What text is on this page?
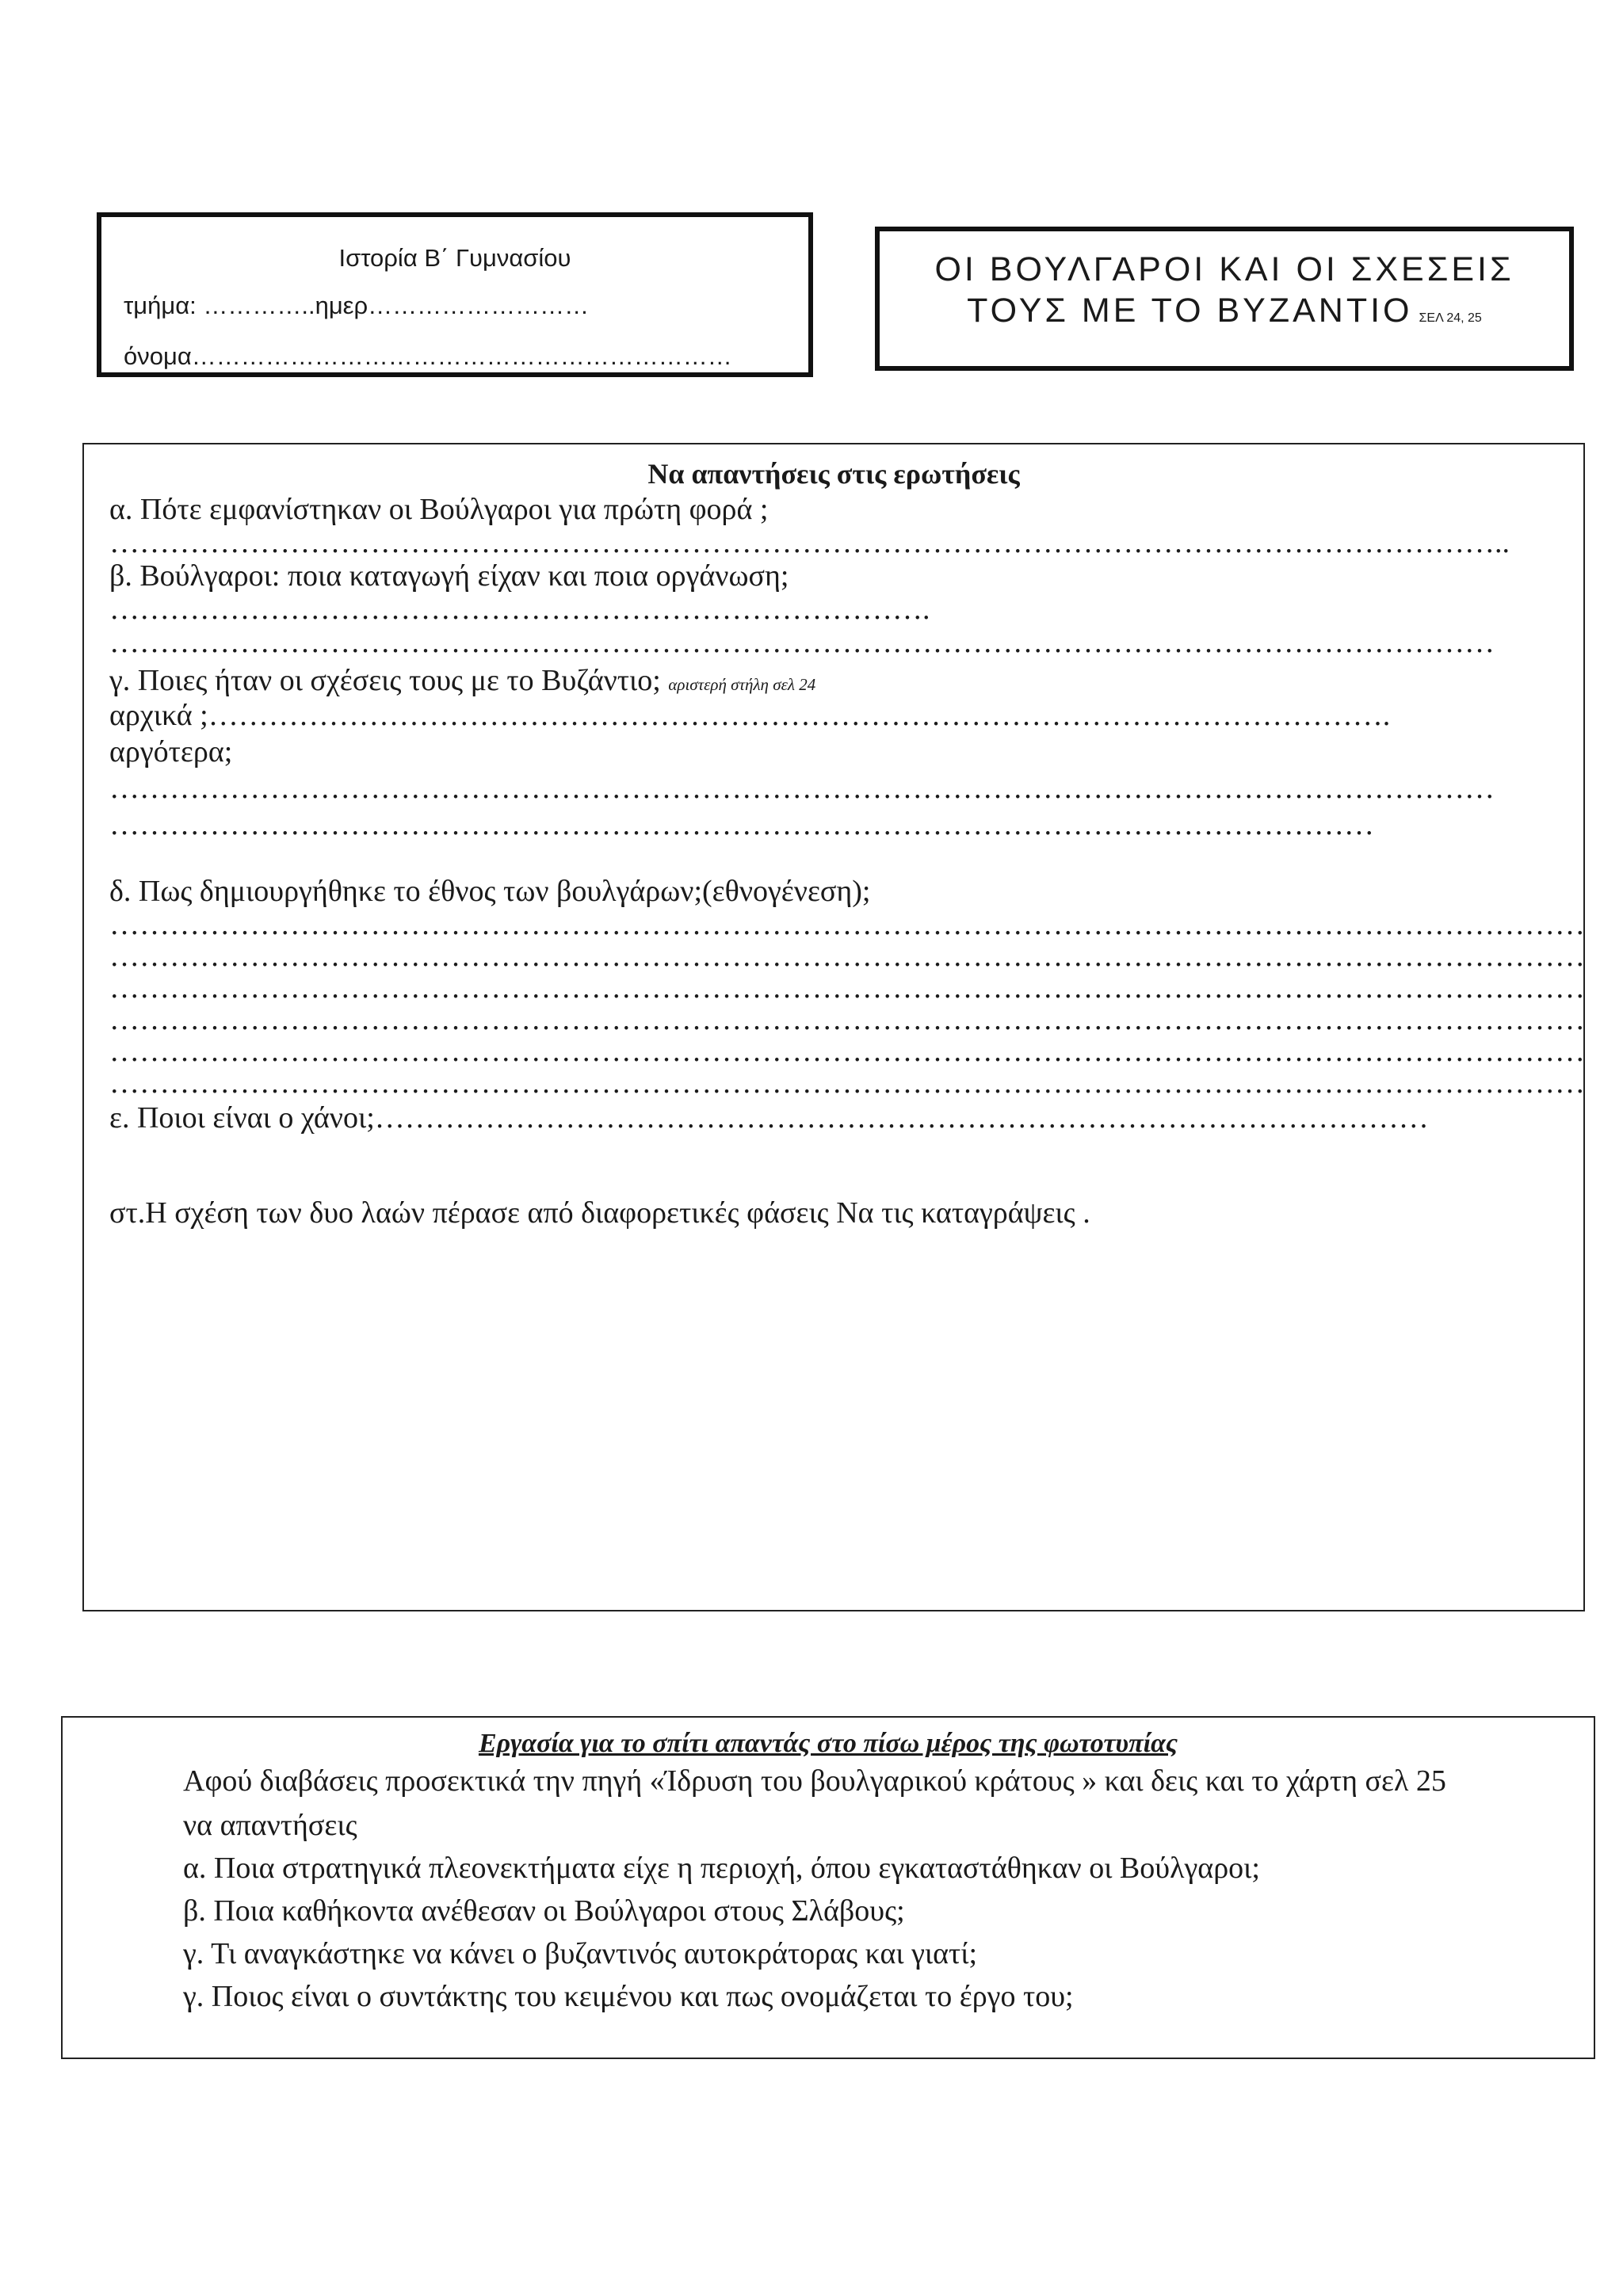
Ιστορία Β΄ Γυμνασίου
τμήμα: …………..ημερ………………………
όνομα…………………………………………………………
ΟΙ ΒΟΥΛΓΑΡΟΙ ΚΑΙ ΟΙ ΣΧΕΣΕΙΣ
ΤΟΥΣ ΜΕ ΤΟ ΒΥΖΑΝΤΙΟ ΣΕΛ 24, 25
Να απαντήσεις στις ερωτήσεις
α. Πότε εμφανίστηκαν οι Βούλγαροι για πρώτη φορά ;
…………………………………………………………………………………………………………………………..
β. Βούλγαροι: ποια καταγωγή είχαν και ποια οργάνωση;
……………………………………………………………………….
…………………………………………………………………………………………………………………………
γ. Ποιες ήταν οι σχέσεις τους με το Βυζάντιο; αριστερή στήλη σελ 24
αρχικά ;……………………………………………………………………………………………………….
αργότερα;
…………………………………………………………………………………………………………………………
………………………………………………………………………………………………………………
δ. Πως δημιουργήθηκε το έθνος των βουλγάρων;(εθνογένεση);
…………………………………………………………………………………………………………………………………
…………………………………………………………………………………………………………………………………
…………………………………………………………………………………………………………………………………
…………………………………………………………………………………………………………………………………
…………………………………………………………………………………………………………………………………
…………………………………………………………………………………………………………………………………
ε. Ποιοι είναι ο χάνοι;……………………………………………………………………………………………
στ.Η σχέση των δυο λαών πέρασε από διαφορετικές φάσεις Να τις καταγράψεις .
Εργασία για το σπίτι απαντάς στο πίσω μέρος της φωτοτυπίας
Αφού διαβάσεις προσεκτικά την πηγή «Ίδρυση του βουλγαρικού κράτους » και δεις και το χάρτη σελ 25
να απαντήσεις
α. Ποια στρατηγικά πλεονεκτήματα είχε η περιοχή, όπου εγκαταστάθηκαν οι Βούλγαροι;
β. Ποια καθήκοντα ανέθεσαν οι Βούλγαροι στους Σλάβους;
γ. Τι αναγκάστηκε να κάνει ο βυζαντινός αυτοκράτορας και γιατί;
γ. Ποιος είναι ο συντάκτης του κειμένου και πως ονομάζεται το έργο του;
